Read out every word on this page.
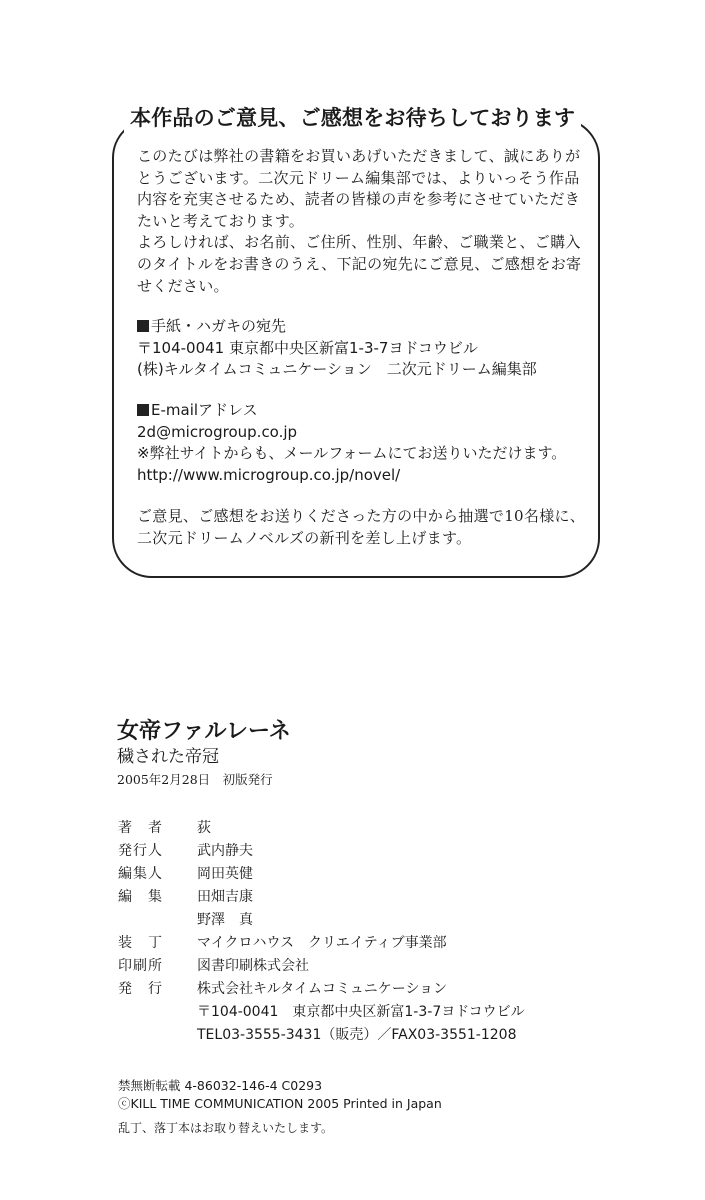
本作品のご意見、ご感想をお待ちしております
このたびは弊社の書籍をお買いあげいただきまして、誠にありが
とうございます。二次元ドリーム編集部では、よりいっそう作品
内容を充実させるため、読者の皆様の声を参考にさせていただき
たいと考えております。
よろしければ、お名前、ご住所、性別、年齢、ご職業と、ご購入
のタイトルをお書きのうえ、下記の宛先にご意見、ご感想をお寄
せください。
手紙・ハガキの宛先
〒104-0041 東京都中央区新富1-3-7ヨドコウビル
(株)キルタイムコミュニケーション　二次元ドリーム編集部
E-mailアドレス
2d@microgroup.co.jp
※弊社サイトからも、メールフォームにてお送りいただけます。
http://www.microgroup.co.jp/novel/
ご意見、ご感想をお送りくださった方の中から抽選で10名様に、
二次元ドリームノベルズの新刊を差し上げます。
女帝ファルレーネ
穢された帝冠
2005年2月28日　初版発行
著　者	荻
発行人	武内静夫
編集人	岡田英健
編　集	田畑吉康
野澤　真
装　丁	マイクロハウス　クリエイティブ事業部
印刷所	図書印刷株式会社
発　行	株式会社キルタイムコミュニケーション
〒104-0041　東京都中央区新富1-3-7ヨドコウビル
TEL03-3555-3431（販売）／FAX03-3551-1208
禁無断転載 4-86032-146-4 C0293
ⓒKILL TIME COMMUNICATION 2005 Printed in Japan
乱丁、落丁本はお取り替えいたします。
